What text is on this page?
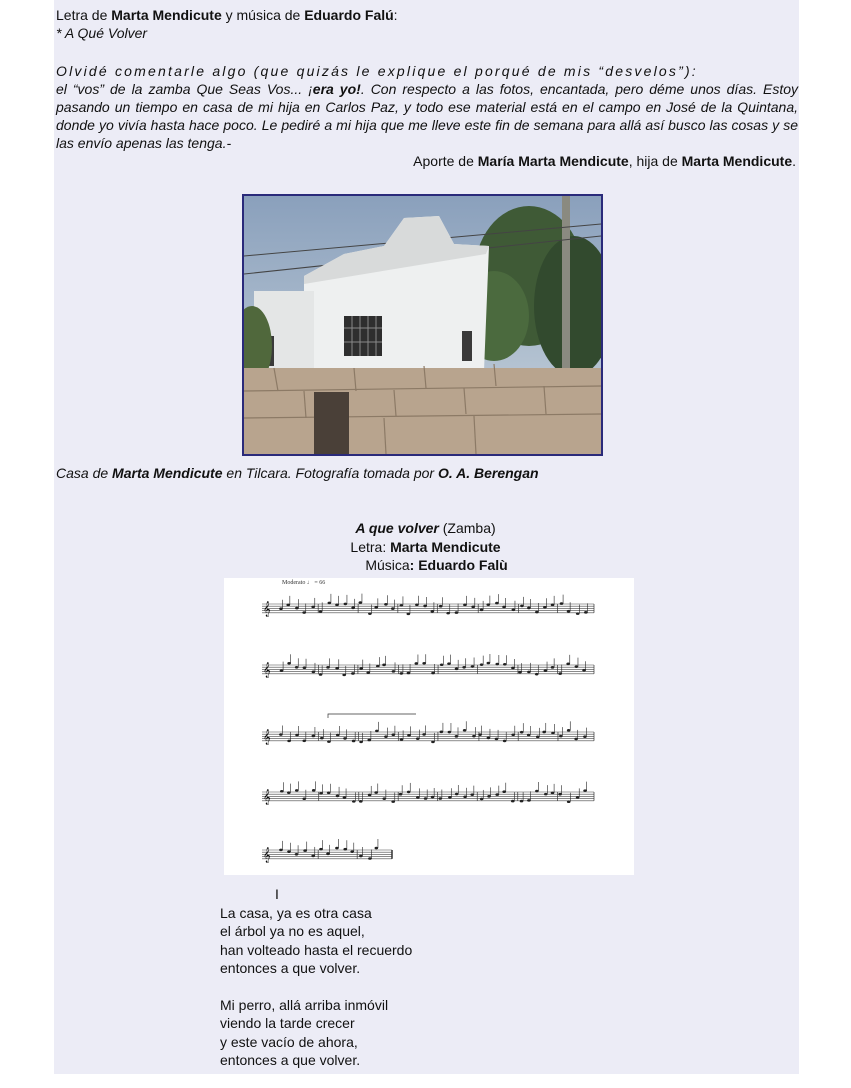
Letra de Marta Mendicute y música de Eduardo Falú:
* A Qué Volver
Olvidé comentarle algo (que quizás le explique el porqué de mis “desvelos”):
el “vos” de la zamba Que Seas Vos... ¡era yo!. Con respecto a las fotos, encantada, pero déme unos días. Estoy pasando un tiempo en casa de mi hija en Carlos Paz, y todo ese material está en el campo en José de la Quintana, donde yo vivía hasta hace poco. Le pediré a mi hija que me lleve este fin de semana para allá así busco las cosas y se las envío apenas las tenga.-
Aporte de María Marta Mendicute, hija de Marta Mendicute.
Casa de Marta Mendicute en Tilcara. Fotografía tomada por O. A. Berengan
A que volver (Zamba)
Letra: Marta Mendicute
Música: Eduardo Falù
Moderato ♩ = 66
𝄞
𝄞
𝄞
𝄞
𝄞
I

La casa, ya es otra casa
el árbol ya no es aquel,
han volteado hasta el recuerdo
entonces a que volver.

Mi perro, allá arriba inmóvil
viendo la tarde crecer
y este vacío de ahora,
entonces a que volver.
